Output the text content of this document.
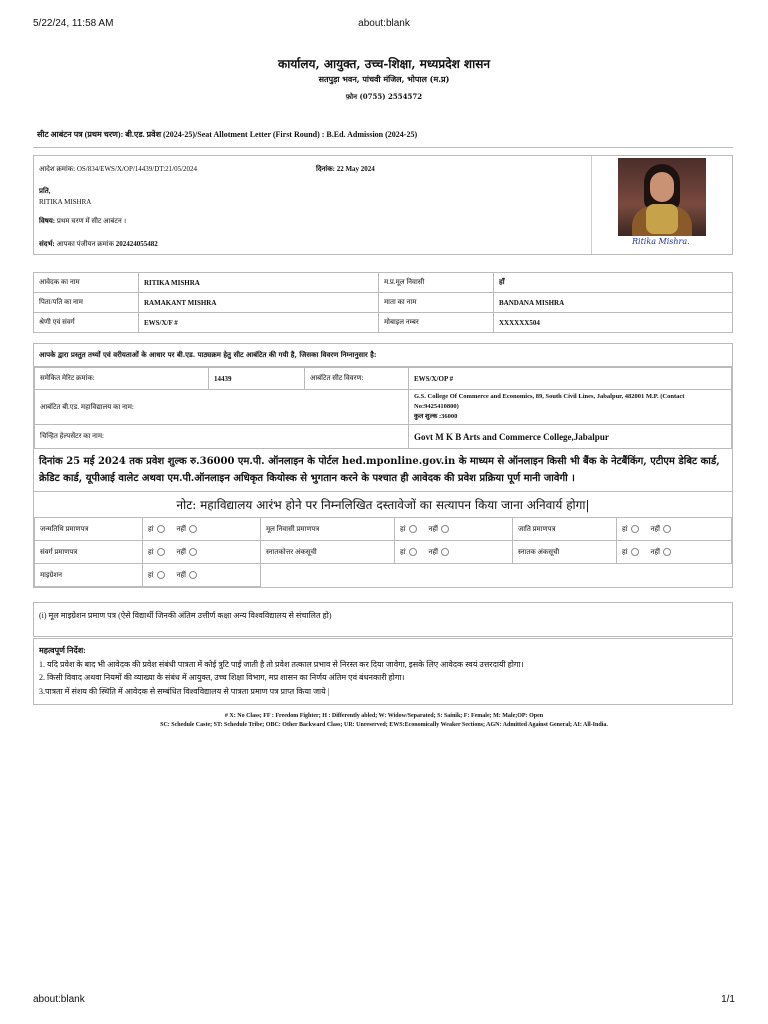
5/22/24, 11:58 AM	about:blank
कार्यालय, आयुक्त, उच्च-शिक्षा, मध्यप्रदेश शासन
सतपुड़ा भवन, पांचवी मंजिल, भोपाल (म.प्र)
फ़ोन (0755) 2554572
सीट आबंटन पत्र (प्रथम चरण): बी.एड. प्रवेश (2024-25)/Seat Allotment Letter (First Round) : B.Ed. Admission (2024-25)
आदेश क्रमांक: OS/834/EWS/X/OP/14439/DT:21/05/2024	दिनांक: 22 May 2024
प्रति,
RITIKA MISHRA
विषय: प्रथम चरण में सीट आबंटन ।
संदर्भ: आपका पंजीयन क्रमांक 202424055482	Ritika Mishra.
आवेदक का नाम	RITIKA MISHRA	म.प्र.मूल निवासी	हाँ
पिता/पति का नाम	RAMAKANT MISHRA	माता का नाम	BANDANA MISHRA
श्रेणी एवं संवर्ग	EWS/X/F #	मोबाइल नम्बर	XXXXXX504
आपके द्वारा प्रस्तुत तथ्यों एवं वरीयताओं के आधार पर बी.एड. पाठ्यक्रम हेतु सीट आबंटित की गयी है, जिसका विवरण निम्नानुसार है:
समेकित मेरिट क्रमांक:	14439	आबंटित सीट विवरण:	EWS/X/OP #
आबंटित बी.एड. महाविद्यालय का नाम:			G.S. College Of Commerce and Economics, 89, South Civil Lines, Jabalpur, 482001 M.P. (Contact No:9425410800)
कुल शुल्क :36000
चिन्हित हेल्पसेंटर का नाम:			Govt M K B Arts and Commerce College,Jabalpur
दिनांक 25 मई 2024 तक प्रवेश शुल्क रु.36000 एम.पी. ऑनलाइन के पोर्टल hed.mponline.gov.in के माध्यम से ऑनलाइन किसी भी बैंक के नेटबैंकिंग, एटीएम डेबिट कार्ड, क्रेडिट कार्ड, यूपीआई वालेट अथवा एम.पी.ऑनलाइन अधिकृत कियोस्क से भुगतान करने के पश्चात ही आवेदक की प्रवेश प्रक्रिया पूर्ण मानी जावेगी ।
नोट: महाविद्यालय आरंभ होने पर निम्नलिखित दस्तावेजों का सत्यापन किया जाना अनिवार्य होगा|
जन्मतिथि प्रमाणपत्र	हां नहीं	मूल निवासी प्रमाणपत्र	हां नहीं	जाति प्रमाणपत्र	हां नहीं
संवर्ग प्रमाणपत्र	हां नहीं	स्नातकोत्तर अंकसूची	हां नहीं	स्नातक अंकसूची	हां नहीं
माइग्रेशन	हां नहीं				
(i) मूल माइग्रेशन प्रमाण पत्र (ऐसे विद्यार्थी जिनकी अंतिम उत्तीर्ण कक्षा अन्य विश्वविद्यालय से संचालित हो)
महत्वपूर्ण निर्देश:
1. यदि प्रवेश के बाद भी आवेदक की प्रवेश संबंधी पात्रता में कोई त्रुटि पाई जाती है तो प्रवेश तत्काल प्रभाव से निरस्त कर दिया जावेगा, इसके लिए आवेदक स्वयं उत्तरदायी होगा।
2. किसी विवाद अथवा नियमों की व्याख्या के संबंध में आयुक्त, उच्च शिक्षा विभाग, मप्र शासन का निर्णय अंतिम एवं बंधनकारी होगा।
3.पात्रता में संशय की स्थिति में आवेदक से सम्बंधित विश्वविद्यालय से पात्रता प्रमाण पत्र प्राप्त किया जाये |
# X: No Class; FF : Freedom Fighter; H : Differently abled; W: Widow/Separated; S: Sainik; F: Female; M: Male;OP: Open
SC: Schedule Caste; ST: Schedule Tribe; OBC: Other Backward Class; UR: Unreserved; EWS:Economically Weaker Sections; AGN: Admitted Against General; AI: All-India.
about:blank	1/1
